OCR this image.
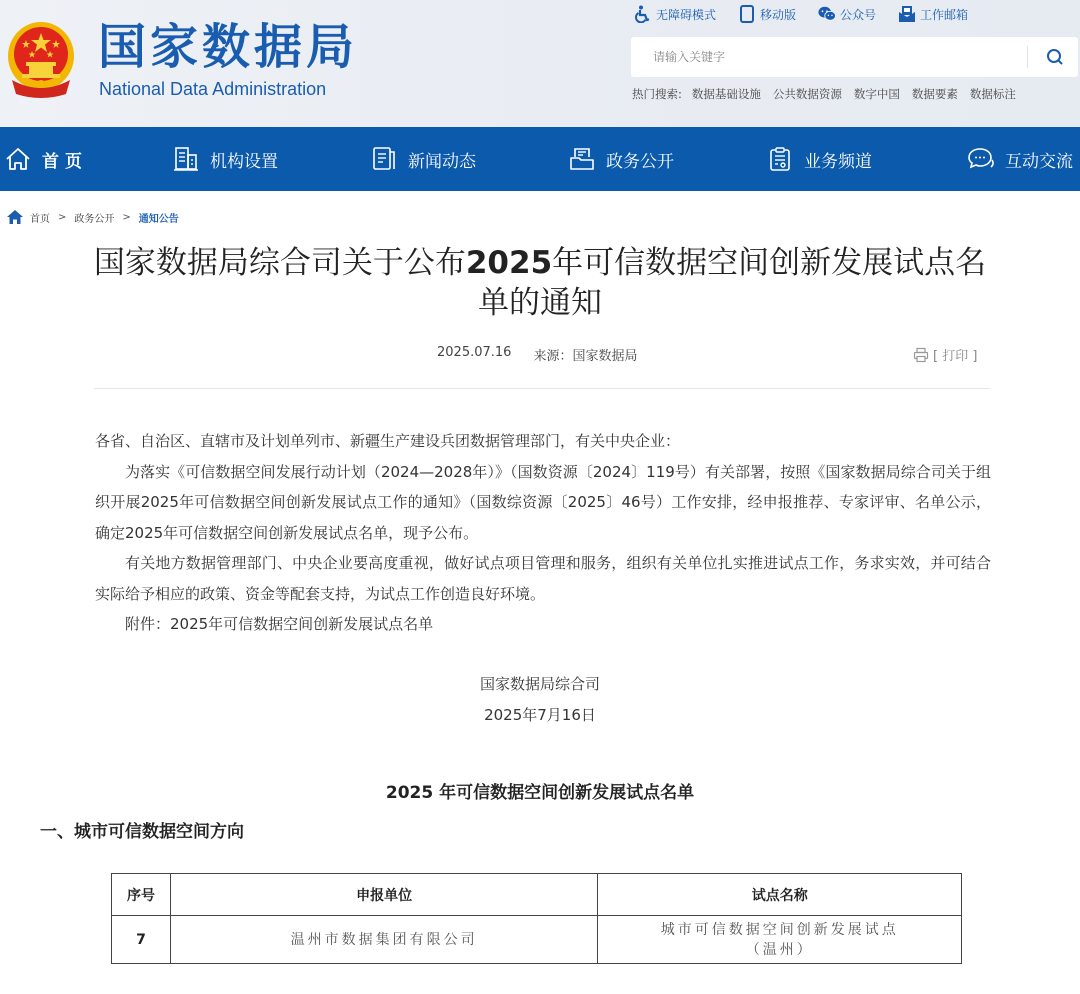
国家数据局
National Data Administration
无障碍模式	移动版	公众号	工作邮箱
请输入关键字
热门搜索: 数据基础设施 公共数据资源 数字中国 数据要素 数据标注
首页	机构设置	新闻动态	政务公开	业务频道	互动交流
首页 > 政务公开 > 通知公告
国家数据局综合司关于公布2025年可信数据空间创新发展试点名单的通知
2025.07.16 来源：国家数据局	[ 打印 ]

各省、自治区、直辖市及计划单列市、新疆生产建设兵团数据管理部门，有关中央企业：

为落实《可信数据空间发展行动计划（2024—2028年）》（国数资源〔2024〕119号）有关部署，按照《国家数据局综合司关于组织开展2025年可信数据空间创新发展试点工作的通知》（国数综资源〔2025〕46号）工作安排，经申报推荐、专家评审、名单公示，确定2025年可信数据空间创新发展试点名单，现予公布。

有关地方数据管理部门、中央企业要高度重视，做好试点项目管理和服务，组织有关单位扎实推进试点工作，务求实效，并可结合实际给予相应的政策、资金等配套支持，为试点工作创造良好环境。

附件：2025年可信数据空间创新发展试点名单

国家数据局综合司
2025年7月16日
2025 年可信数据空间创新发展试点名单
一、城市可信数据空间方向
序号	申报单位	试点名称
7	温州市数据集团有限公司	城市可信数据空间创新发展试点
（温州）
